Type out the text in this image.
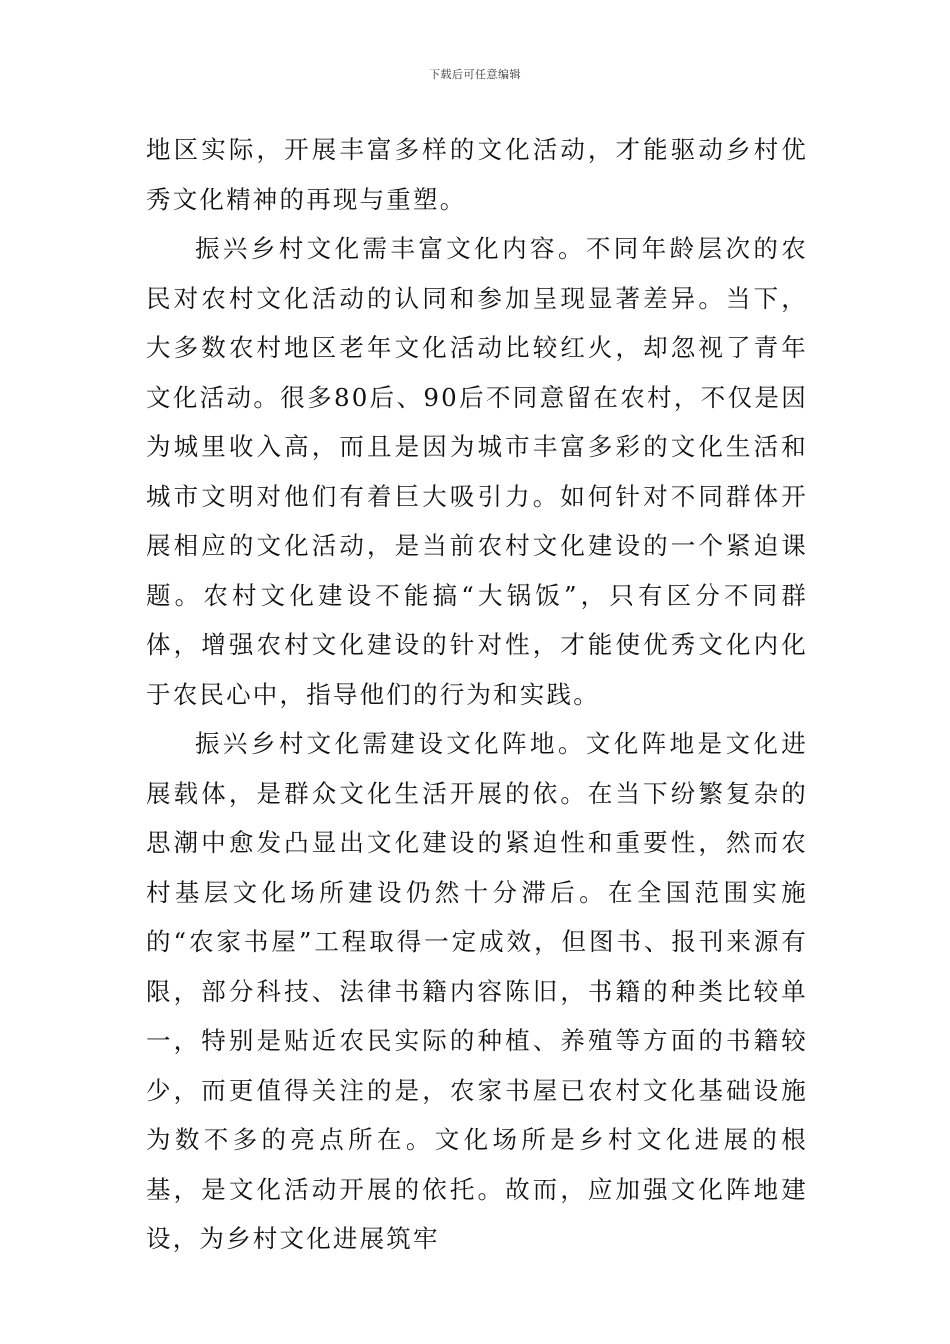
下载后可任意编辑

地区实际，开展丰富多样的文化活动，才能驱动乡村优秀文化精神的再现与重塑。

振兴乡村文化需丰富文化内容。不同年龄层次的农民对农村文化活动的认同和参加呈现显著差异。当下，大多数农村地区老年文化活动比较红火，却忽视了青年文化活动。很多80后、90后不同意留在农村，不仅是因为城里收入高，而且是因为城市丰富多彩的文化生活和城市文明对他们有着巨大吸引力。如何针对不同群体开展相应的文化活动，是当前农村文化建设的一个紧迫课题。农村文化建设不能搞“大锅饭”，只有区分不同群体，增强农村文化建设的针对性，才能使优秀文化内化于农民心中，指导他们的行为和实践。

振兴乡村文化需建设文化阵地。文化阵地是文化进展载体，是群众文化生活开展的依。在当下纷繁复杂的思潮中愈发凸显出文化建设的紧迫性和重要性，然而农村基层文化场所建设仍然十分滞后。在全国范围实施的“农家书屋”工程取得一定成效，但图书、报刊来源有限，部分科技、法律书籍内容陈旧，书籍的种类比较单一，特别是贴近农民实际的种植、养殖等方面的书籍较少，而更值得关注的是，农家书屋已农村文化基础设施为数不多的亮点所在。文化场所是乡村文化进展的根基，是文化活动开展的依托。故而，应加强文化阵地建设，为乡村文化进展筑牢
